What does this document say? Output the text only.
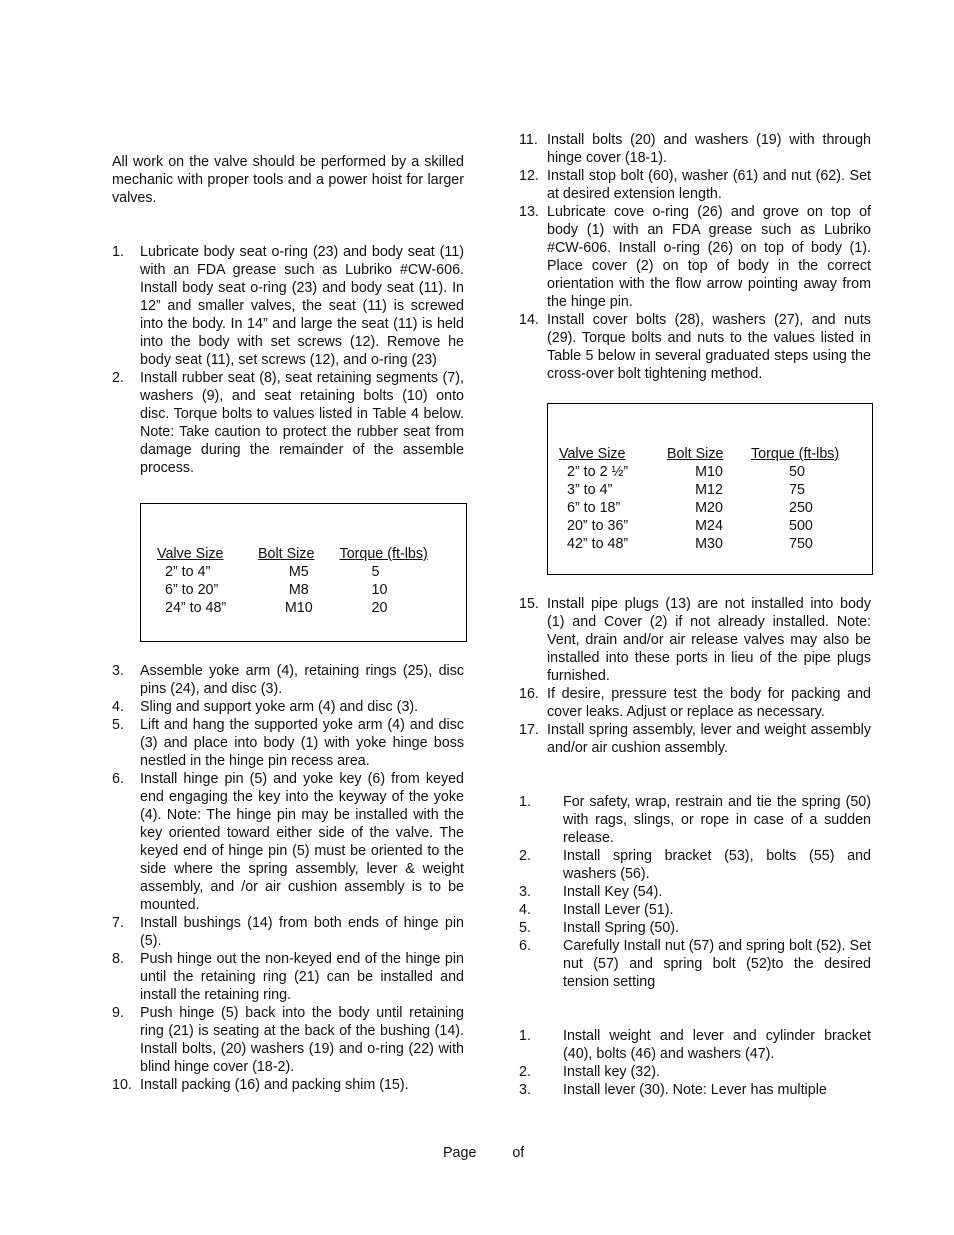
All work on the valve should be performed by a skilled mechanic with proper tools and a power hoist for larger valves.

1.	Lubricate body seat o-ring (23) and body seat (11) with an FDA grease such as Lubriko #CW-606. Install body seat o-ring (23) and body seat (11). In 12” and smaller valves, the seat (11) is screwed into the body. In 14” and large the seat (11) is held into the body with set screws (12). Remove he body seat (11), set screws (12), and o-ring (23)
2.	Install rubber seat (8), seat retaining segments (7), washers (9), and seat retaining bolts (10) onto disc. Torque bolts to values listed in Table 4 below. Note: Take caution to protect the rubber seat from damage during the remainder of the assemble process.
Valve Size	Bolt Size	Torque (ft-lbs)
2” to 4”	M5	5
6” to 20”	M8	10
24” to 48”	M10	20
3.	Assemble yoke arm (4), retaining rings (25), disc pins (24), and disc (3).
4.	Sling and support yoke arm (4) and disc (3).
5.	Lift and hang the supported yoke arm (4) and disc (3) and place into body (1) with yoke hinge boss nestled in the hinge pin recess area.
6.	Install hinge pin (5) and yoke key (6) from keyed end engaging the key into the keyway of the yoke (4). Note: The hinge pin may be installed with the key oriented toward either side of the valve. The keyed end of hinge pin (5) must be oriented to the side where the spring assembly, lever & weight assembly, and /or air cushion assembly is to be mounted.
7.	Install bushings (14) from both ends of hinge pin (5).
8.	Push hinge out the non-keyed end of the hinge pin until the retaining ring (21) can be installed and install the retaining ring.
9.	Push hinge (5) back into the body until retaining ring (21) is seating at the back of the bushing (14). Install bolts, (20) washers (19) and o-ring (22) with blind hinge cover (18-2).
10. Install packing (16) and packing shim (15).
11. Install bolts (20) and washers (19) with through hinge cover (18-1).
12. Install stop bolt (60), washer (61) and nut (62). Set at desired extension length.
13. Lubricate cove o-ring (26) and grove on top of body (1) with an FDA grease such as Lubriko #CW-606. Install o-ring (26) on top of body (1). Place cover (2) on top of body in the correct orientation with the flow arrow pointing away from the hinge pin.
14. Install cover bolts (28), washers (27), and nuts (29). Torque bolts and nuts to the values listed in Table 5 below in several graduated steps using the cross-over bolt tightening method.
Valve Size	Bolt Size	Torque (ft-lbs)
2” to 2 ½”	M10	50
3” to 4”	M12	75
6” to 18”	M20	250
20” to 36”	M24	500
42” to 48”	M30	750
15. Install pipe plugs (13) are not installed into body (1) and Cover (2) if not already installed. Note: Vent, drain and/or air release valves may also be installed into these ports in lieu of the pipe plugs furnished.
16. If desire, pressure test the body for packing and cover leaks. Adjust or replace as necessary.
17. Install spring assembly, lever and weight assembly and/or air cushion assembly.
1.	For safety, wrap, restrain and tie the spring (50) with rags, slings, or rope in case of a sudden release.
2.	Install spring bracket (53), bolts (55) and washers (56).
3.	Install Key (54).
4.	Install Lever (51).
5.	Install Spring (50).
6.	Carefully Install nut (57) and spring bolt (52). Set nut (57) and spring bolt (52)to the desired tension setting
1.	Install weight and lever and cylinder bracket (40), bolts (46) and washers (47).
2.	Install key (32).
3.	Install lever (30). Note: Lever has multiple
Page	of
